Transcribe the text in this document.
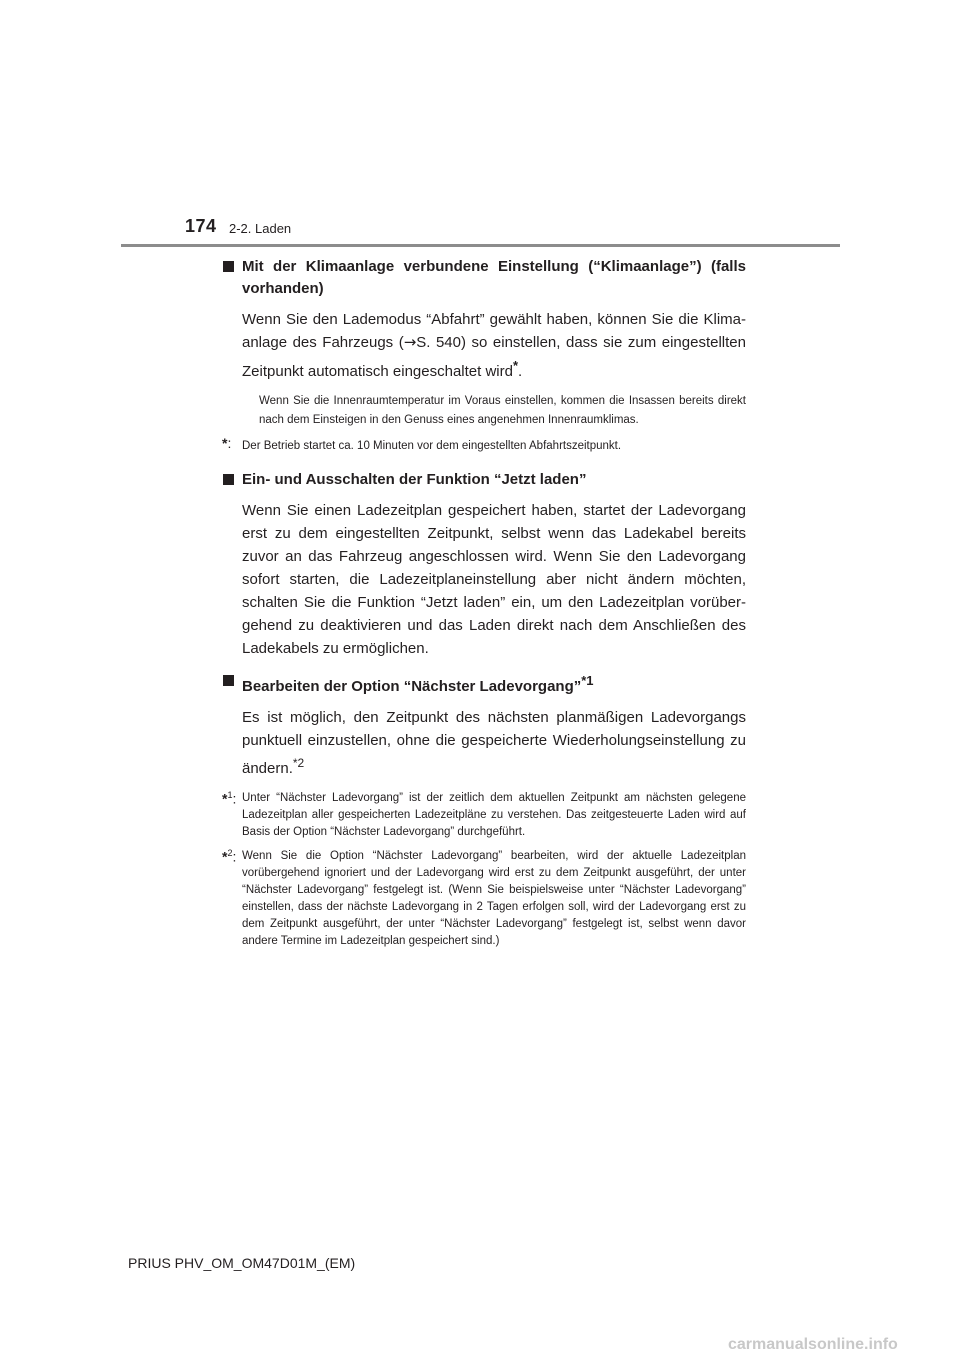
174 2-2. Laden
Mit der Klimaanlage verbundene Einstellung (“Klimaanlage”) (falls vorhanden)
Wenn Sie den Lademodus “Abfahrt” gewählt haben, können Sie die Klimaanlage des Fahrzeugs (→S. 540) so einstellen, dass sie zum eingestellten Zeitpunkt automatisch eingeschaltet wird*.
Wenn Sie die Innenraumtemperatur im Voraus einstellen, kommen die Insassen bereits direkt nach dem Einsteigen in den Genuss eines angenehmen Innenraumklimas.
*: Der Betrieb startet ca. 10 Minuten vor dem eingestellten Abfahrtszeitpunkt.
Ein- und Ausschalten der Funktion “Jetzt laden”
Wenn Sie einen Ladezeitplan gespeichert haben, startet der Ladevorgang erst zu dem eingestellten Zeitpunkt, selbst wenn das Ladekabel bereits zuvor an das Fahrzeug angeschlossen wird. Wenn Sie den Ladevorgang sofort starten, die Ladezeitplaneinstellung aber nicht ändern möchten, schalten Sie die Funktion “Jetzt laden” ein, um den Ladezeitplan vorübergehend zu deaktivieren und das Laden direkt nach dem Anschließen des Ladekabels zu ermöglichen.
Bearbeiten der Option “Nächster Ladevorgang”*1
Es ist möglich, den Zeitpunkt des nächsten planmäßigen Ladevorgangs punktuell einzustellen, ohne die gespeicherte Wiederholungseinstellung zu ändern.$^{*2}$
*$^1$: Unter “Nächster Ladevorgang” ist der zeitlich dem aktuellen Zeitpunkt am nächsten gelegene Ladezeitplan aller gespeicherten Ladezeitpläne zu verstehen. Das zeitgesteuerte Laden wird auf Basis der Option “Nächster Ladevorgang” durchgeführt.
*$^2$: Wenn Sie die Option “Nächster Ladevorgang” bearbeiten, wird der aktuelle Ladezeitplan vorübergehend ignoriert und der Ladevorgang wird erst zu dem Zeitpunkt ausgeführt, der unter “Nächster Ladevorgang” festgelegt ist. (Wenn Sie beispielsweise unter “Nächster Ladevorgang” einstellen, dass der nächste Ladevorgang in 2 Tagen erfolgen soll, wird der Ladevorgang erst zu dem Zeitpunkt ausgeführt, der unter “Nächster Ladevorgang” festgelegt ist, selbst wenn davor andere Termine im Ladezeitplan gespeichert sind.)
PRIUS PHV_OM_OM47D01M_(EM)
carmanualsonline.info
